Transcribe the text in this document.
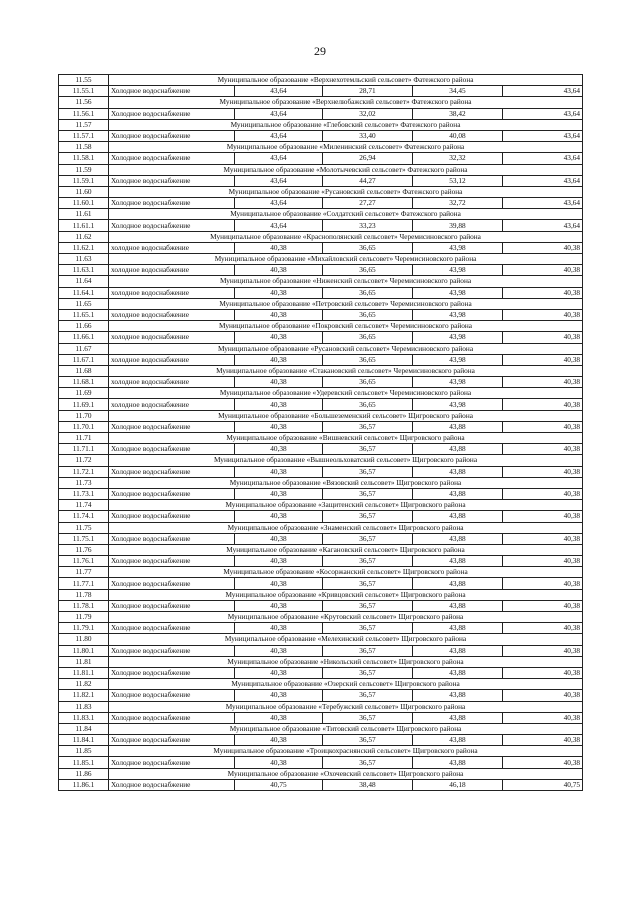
29
11.55	Муниципальное образование «Верхнехотемльский сельсовет» Фатежского района				
11.55.1	Холодное водоснабжение	43,64	28,71	34,45	43,64
11.56	Муниципальное образование «Верхнелюбажский сельсовет» Фатежского района				
11.56.1	Холодное водоснабжение	43,64	32,02	38,42	43,64
11.57	Муниципальное образование «Глебовский сельсовет» Фатежского района				
11.57.1	Холодное водоснабжение	43,64	33,40	40,08	43,64
11.58	Муниципальное образование «Миленинский сельсовет» Фатежского района				
11.58.1	Холодное водоснабжение	43,64	26,94	32,32	43,64
11.59	Муниципальное образование «Молотычевский сельсовет» Фатежского района				
11.59.1	Холодное водоснабжение	43,64	44,27	53,12	43,64
11.60	Муниципальное образование «Русановский сельсовет» Фатежского района				
11.60.1	Холодное водоснабжение	43,64	27,27	32,72	43,64
11.61	Муниципальное образование «Солдатский сельсовет» Фатежского района				
11.61.1	Холодное водоснабжение	43,64	33,23	39,88	43,64
11.62	Муниципальное образование «Краснополянский сельсовет» Черемисиновского района				
11.62.1	холодное водоснабжение	40,38	36,65	43,98	40,38
11.63	Муниципальное образование «Михайловский сельсовет» Черемисиновского района				
11.63.1	холодное водоснабжение	40,38	36,65	43,98	40,38
11.64	Муниципальное образование «Ниженский сельсовет» Черемисиновского района				
11.64.1	холодное водоснабжение	40,38	36,65	43,98	40,38
11.65	Муниципальное образование «Петровский сельсовет» Черемисиновского района				
11.65.1	холодное водоснабжение	40,38	36,65	43,98	40,38
11.66	Муниципальное образование «Покровский сельсовет» Черемисиновского района				
11.66.1	холодное водоснабжение	40,38	36,65	43,98	40,38
11.67	Муниципальное образование «Русановский сельсовет» Черемисиновского района				
11.67.1	холодное водоснабжение	40,38	36,65	43,98	40,38
11.68	Муниципальное образование «Стакановский сельсовет» Черемисиновского района				
11.68.1	холодное водоснабжение	40,38	36,65	43,98	40,38
11.69	Муниципальное образование «Удеревский сельсовет» Черемисиновского района				
11.69.1	холодное водоснабжение	40,38	36,65	43,98	40,38
11.70	Муниципальное образование «Большеземенский сельсовет» Щигровского района				
11.70.1	Холодное водоснабжение	40,38	36,57	43,88	40,38
11.71	Муниципальное образование «Вишневский сельсовет» Щигровского района				
11.71.1	Холодное водоснабжение	40,38	36,57	43,88	40,38
11.72	Муниципальное образование «Вышнеольховатский сельсовет» Щигровского района				
11.72.1	Холодное водоснабжение	40,38	36,57	43,88	40,38
11.73	Муниципальное образование «Вязовский сельсовет» Щигровского района				
11.73.1	Холодное водоснабжение	40,38	36,57	43,88	40,38
11.74	Муниципальное образование «Защитенский сельсовет» Щигровского района				
11.74.1	Холодное водоснабжение	40,38	36,57	43,88	40,38
11.75	Муниципальное образование «Знаменский сельсовет» Щигровского района				
11.75.1	Холодное водоснабжение	40,38	36,57	43,88	40,38
11.76	Муниципальное образование «Кагановский сельсовет» Щигровского района				
11.76.1	Холодное водоснабжение	40,38	36,57	43,88	40,38
11.77	Муниципальное образование «Косоржанский сельсовет» Щигровского района				
11.77.1	Холодное водоснабжение	40,38	36,57	43,88	40,38
11.78	Муниципальное образование «Кривцовский сельсовет» Щигровского района				
11.78.1	Холодное водоснабжение	40,38	36,57	43,88	40,38
11.79	Муниципальное образование «Крутовский сельсовет» Щигровского района				
11.79.1	Холодное водоснабжение	40,38	36,57	43,88	40,38
11.80	Муниципальное образование «Мелехинский сельсовет» Щигровского района				
11.80.1	Холодное водоснабжение	40,38	36,57	43,88	40,38
11.81	Муниципальное образование «Никольский сельсовет» Щигровского района				
11.81.1	Холодное водоснабжение	40,38	36,57	43,88	40,38
11.82	Муниципальное образование «Озерский сельсовет» Щигровского района				
11.82.1	Холодное водоснабжение	40,38	36,57	43,88	40,38
11.83	Муниципальное образование «Теребужский сельсовет» Щигровского района				
11.83.1	Холодное водоснабжение	40,38	36,57	43,88	40,38
11.84	Муниципальное образование «Титовский сельсовет» Щигровского района				
11.84.1	Холодное водоснабжение	40,38	36,57	43,88	40,38
11.85	Муниципальное образование «Троицкохраснянский сельсовет» Щигровского района				
11.85.1	Холодное водоснабжение	40,38	36,57	43,88	40,38
11.86	Муниципальное образование «Охочевский сельсовет» Щигровского района				
11.86.1	Холодное водоснабжение	40,75	38,48	46,18	40,75
